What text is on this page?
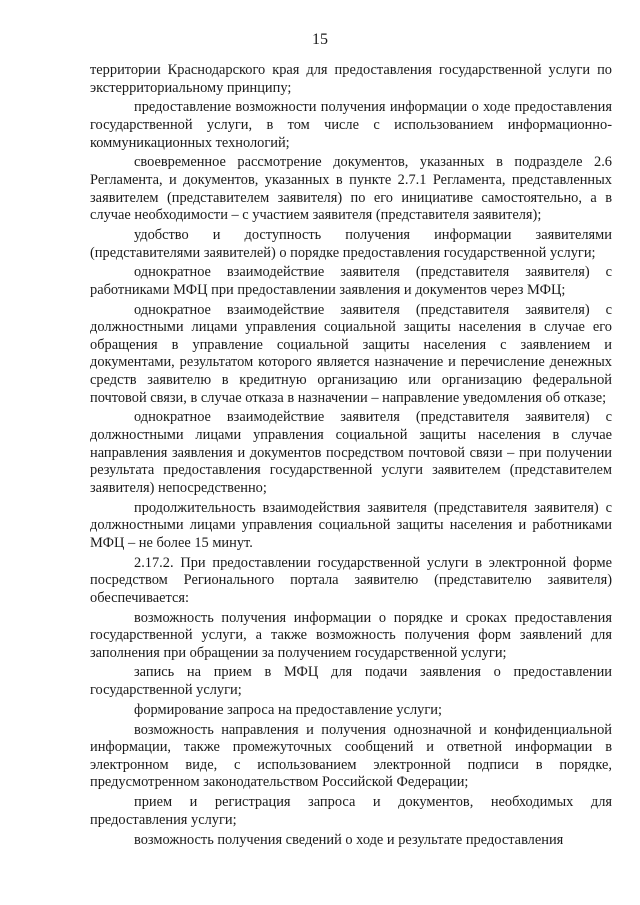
15

территории Краснодарского края для предоставления государственной услуги по экстерриториальному принципу;

предоставление возможности получения информации о ходе предоставления государственной услуги, в том числе с использованием информационно-коммуникационных технологий;

своевременное рассмотрение документов, указанных в подразделе 2.6 Регламента, и документов, указанных в пункте 2.7.1 Регламента, представленных заявителем (представителем заявителя) по его инициативе самостоятельно, а в случае необходимости – с участием заявителя (представителя заявителя);

удобство и доступность получения информации заявителями (представителями заявителей) о порядке предоставления государственной услуги;

однократное взаимодействие заявителя (представителя заявителя) с работниками МФЦ при предоставлении заявления и документов через МФЦ;

однократное взаимодействие заявителя (представителя заявителя) с должностными лицами управления социальной защиты населения в случае его обращения в управление социальной защиты населения с заявлением и документами, результатом которого является назначение и перечисление денежных средств заявителю в кредитную организацию или организацию федеральной почтовой связи, в случае отказа в назначении – направление уведомления об отказе;

однократное взаимодействие заявителя (представителя заявителя) с должностными лицами управления социальной защиты населения в случае направления заявления и документов посредством почтовой связи – при получении результата предоставления государственной услуги заявителем (представителем заявителя) непосредственно;

продолжительность взаимодействия заявителя (представителя заявителя) с должностными лицами управления социальной защиты населения и работниками МФЦ – не более 15 минут.

2.17.2. При предоставлении государственной услуги в электронной форме посредством Регионального портала заявителю (представителю заявителя) обеспечивается:

возможность получения информации о порядке и сроках предоставления государственной услуги, а также возможность получения форм заявлений для заполнения при обращении за получением государственной услуги;

запись на прием в МФЦ для подачи заявления о предоставлении государственной услуги;

формирование запроса на предоставление услуги;

возможность направления и получения однозначной и конфиденциальной информации, также промежуточных сообщений и ответной информации в электронном виде, с использованием электронной подписи в порядке, предусмотренном законодательством Российской Федерации;

прием и регистрация запроса и документов, необходимых для предоставления услуги;

возможность получения сведений о ходе и результате предоставления
